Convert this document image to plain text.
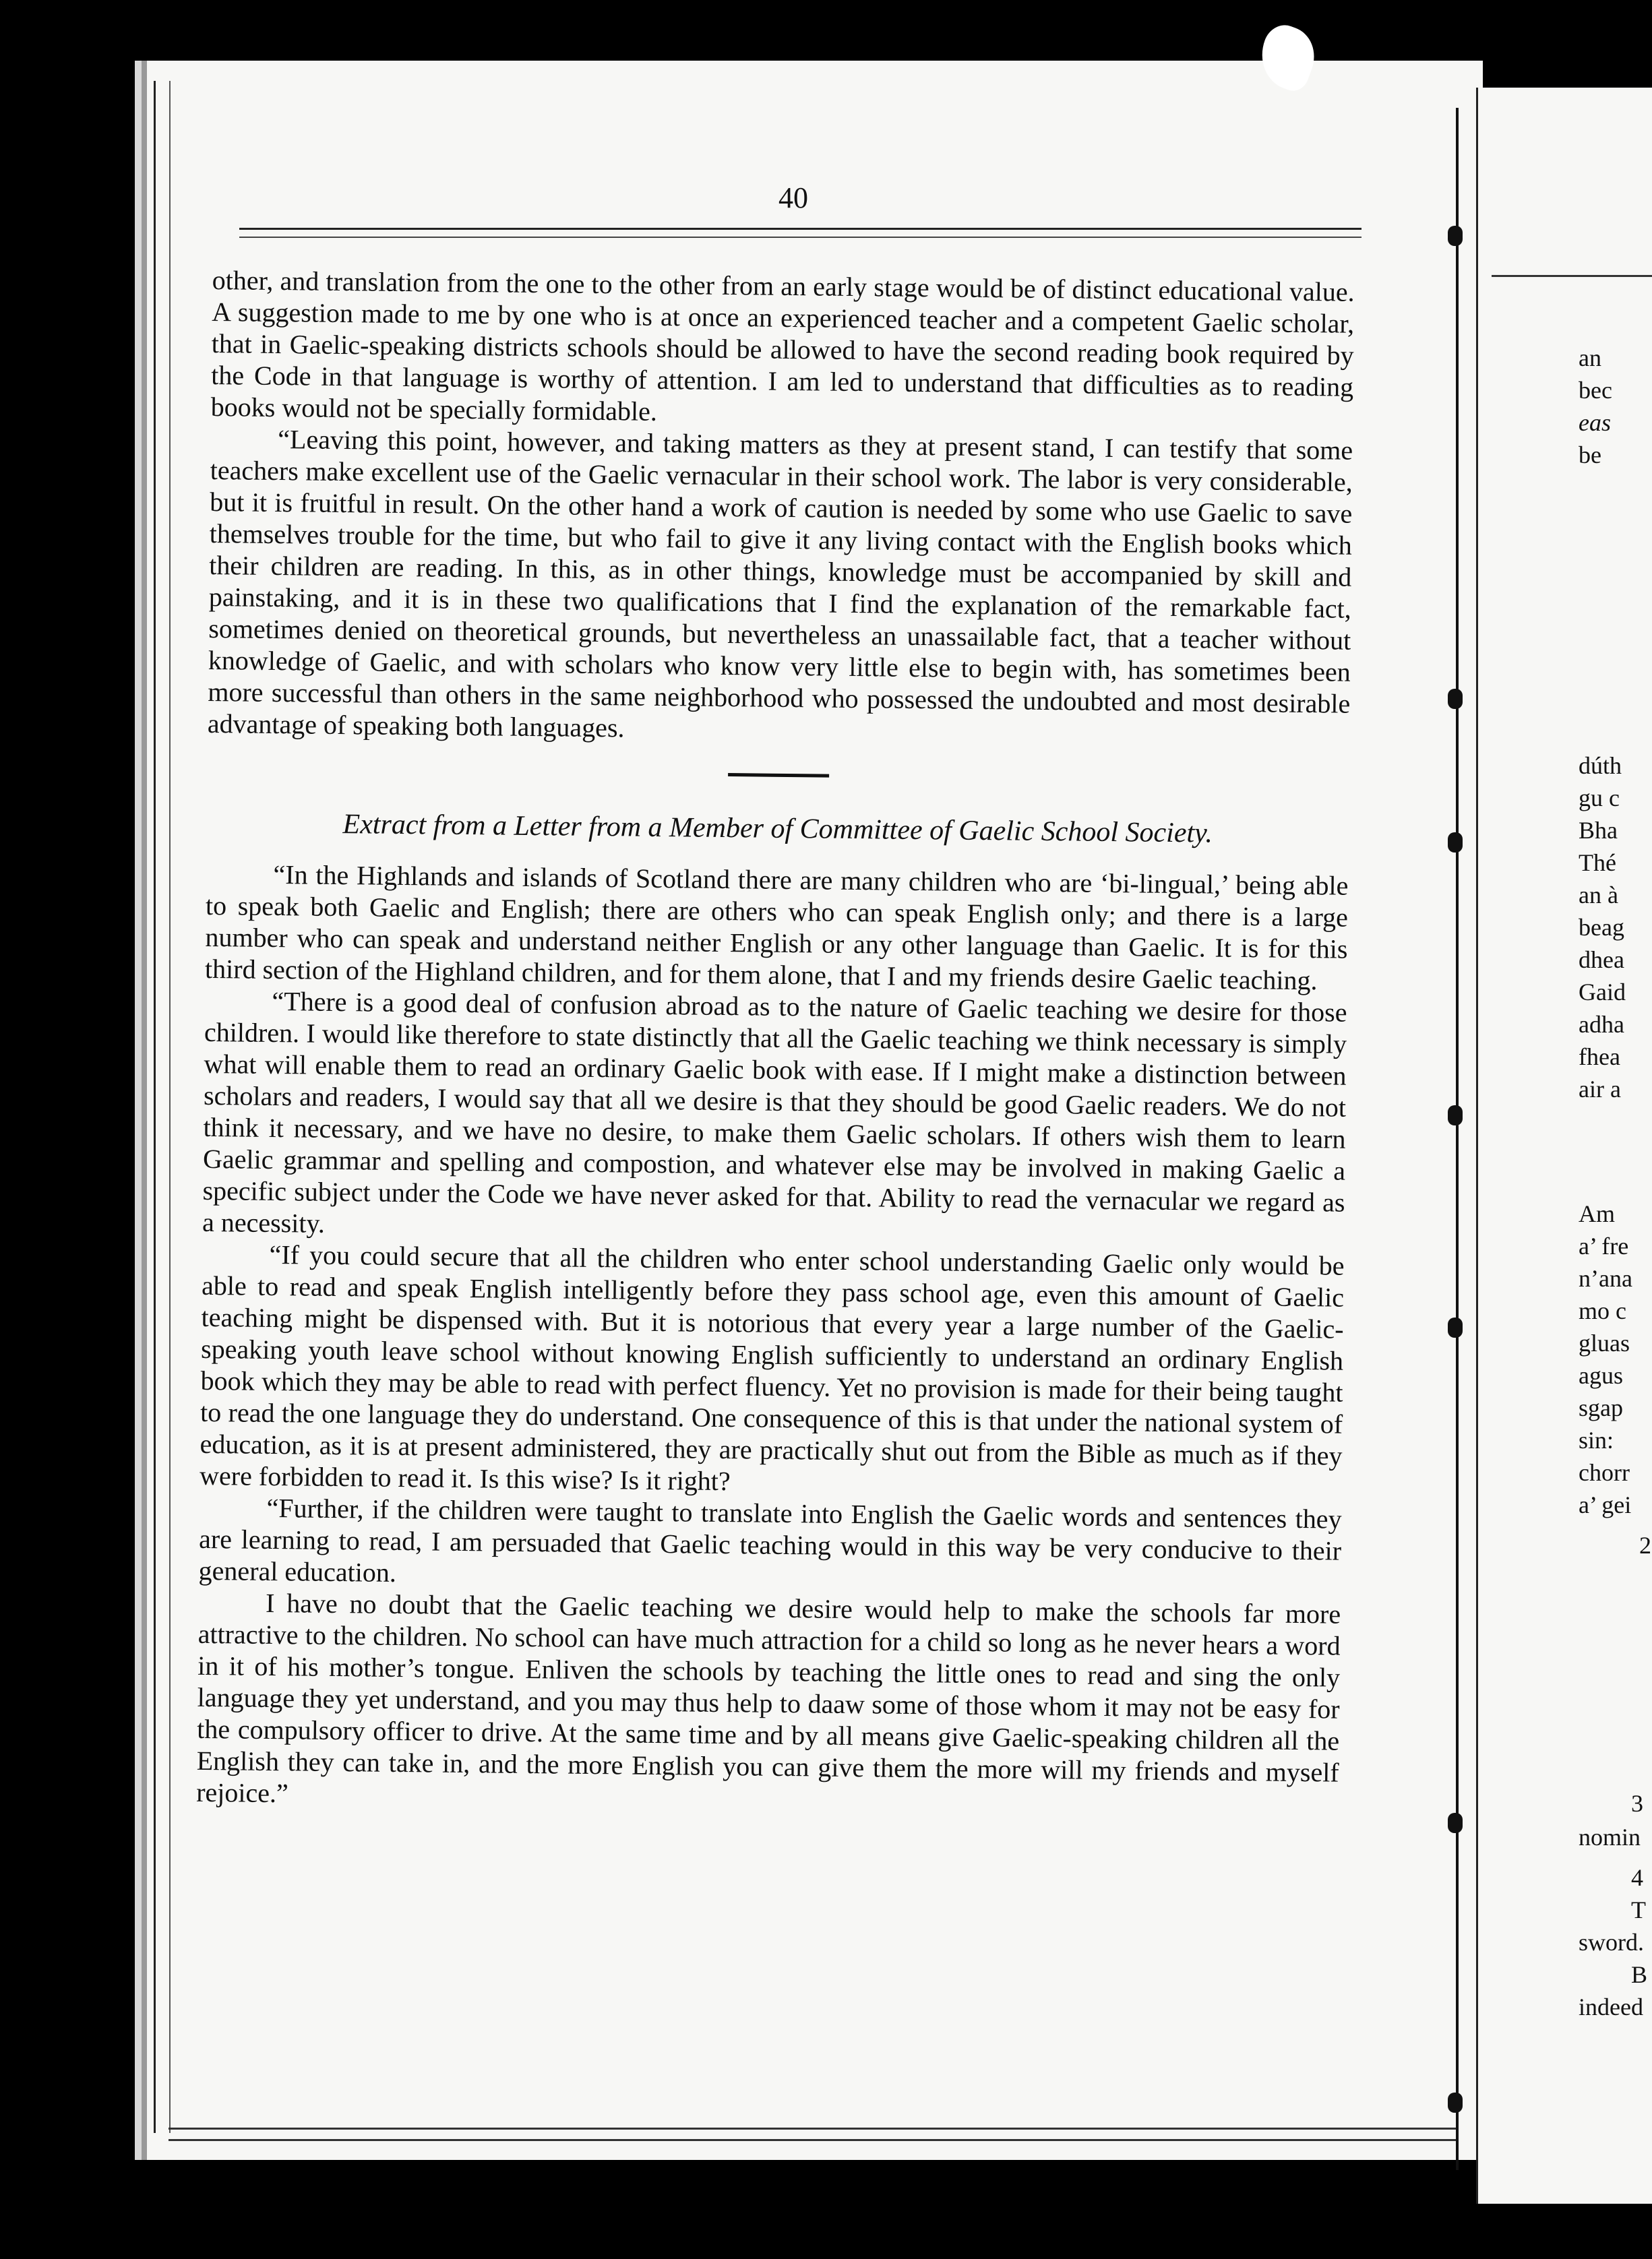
an
bec
eas
be
dúth
gu c
Bha
Thé
an à
beag
dhea
Gaid
adha
fhea
air a
Am
a’ fre
n’ana
mo c
gluas
agus
sgap
sin:
chorr
a’ gei
2
3
nomin
4
T
sword.
B
indeed
40

other, and translation from the one to the other from an early stage would be of distinct educational value. A suggestion made to me by one who is at once an experienced teacher and a competent Gaelic scholar, that in Gaelic-speaking districts schools should be allowed to have the second reading book required by the Code in that language is worthy of attention. I am led to understand that difficulties as to reading books would not be specially formidable.

“Leaving this point, however, and taking matters as they at present stand, I can testify that some teachers make excellent use of the Gaelic vernacular in their school work. The labor is very considerable, but it is fruitful in result. On the other hand a work of caution is needed by some who use Gaelic to save themselves trouble for the time, but who fail to give it any living contact with the English books which their children are reading. In this, as in other things, knowledge must be accompanied by skill and painstaking, and it is in these two qualifications that I find the explanation of the remarkable fact, sometimes denied on theoretical grounds, but nevertheless an unassailable fact, that a teacher without knowledge of Gaelic, and with scholars who know very little else to begin with, has sometimes been more successful than others in the same neighborhood who possessed the undoubted and most desirable advantage of speaking both languages.

Extract from a Letter from a Member of Committee of Gaelic School Society.

“In the Highlands and islands of Scotland there are many children who are ‘bi-lingual,’ being able to speak both Gaelic and English; there are others who can speak English only; and there is a large number who can speak and understand neither English or any other language than Gaelic. It is for this third section of the Highland children, and for them alone, that I and my friends desire Gaelic teaching.

“There is a good deal of confusion abroad as to the nature of Gaelic teaching we desire for those children. I would like therefore to state distinctly that all the Gaelic teaching we think necessary is simply what will enable them to read an ordinary Gaelic book with ease. If I might make a distinction between scholars and readers, I would say that all we desire is that they should be good Gaelic readers. We do not think it necessary, and we have no desire, to make them Gaelic scholars. If others wish them to learn Gaelic grammar and spelling and compostion, and whatever else may be involved in making Gaelic a specific subject under the Code we have never asked for that. Ability to read the vernacular we regard as a necessity.

“If you could secure that all the children who enter school understanding Gaelic only would be able to read and speak English intelligently before they pass school age, even this amount of Gaelic teaching might be dispensed with. But it is notorious that every year a large number of the Gaelic-speaking youth leave school without knowing English sufficiently to understand an ordinary English book which they may be able to read with perfect fluency. Yet no provision is made for their being taught to read the one language they do understand. One consequence of this is that under the national system of education, as it is at present administered, they are practically shut out from the Bible as much as if they were forbidden to read it. Is this wise? Is it right?

“Further, if the children were taught to translate into English the Gaelic words and sentences they are learning to read, I am persuaded that Gaelic teaching would in this way be very conducive to their general education.

I have no doubt that the Gaelic teaching we desire would help to make the schools far more attractive to the children. No school can have much attraction for a child so long as he never hears a word in it of his mother’s tongue. Enliven the schools by teaching the little ones to read and sing the only language they yet understand, and you may thus help to daaw some of those whom it may not be easy for the compulsory officer to drive. At the same time and by all means give Gaelic-speaking children all the English they can take in, and the more English you can give them the more will my friends and myself rejoice.”
